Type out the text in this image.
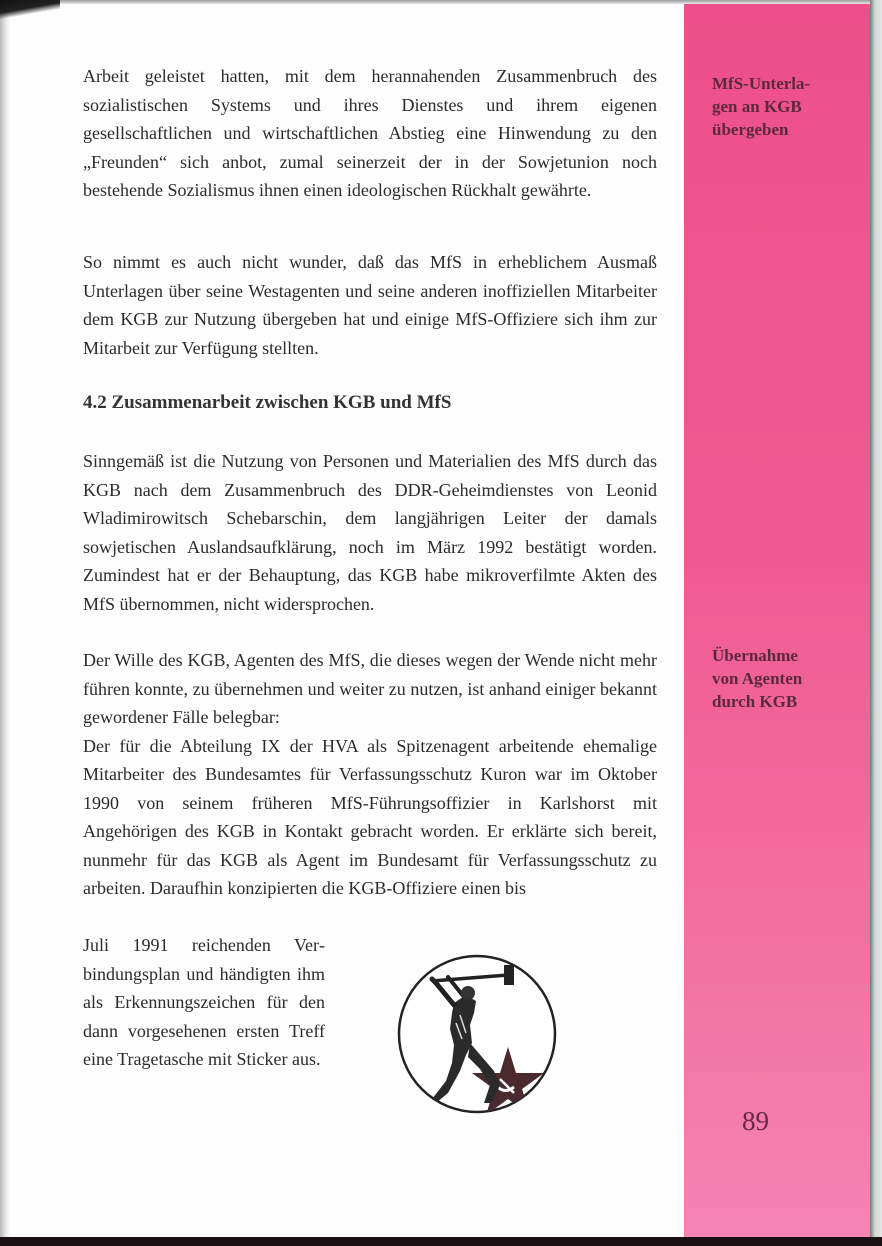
MfS-Unterla-
gen an KGB
übergeben
Übernahme
von Agenten
durch KGB
89

Arbeit geleistet hatten, mit dem herannahenden Zusammenbruch des sozialistischen Systems und ihres Dienstes und ihrem eigenen gesellschaftlichen und wirtschaftlichen Abstieg eine Hinwendung zu den „Freunden“ sich anbot, zumal seinerzeit der in der Sowjetunion noch bestehende Sozialismus ihnen einen ideologischen Rückhalt gewährte.

So nimmt es auch nicht wunder, daß das MfS in erheblichem Ausmaß Unterlagen über seine Westagenten und seine anderen inoffiziellen Mitarbeiter dem KGB zur Nutzung übergeben hat und einige MfS-Offiziere sich ihm zur Mitarbeit zur Verfügung stellten.

4.2 Zusammenarbeit zwischen KGB und MfS

Sinngemäß ist die Nutzung von Personen und Materialien des MfS durch das KGB nach dem Zusammenbruch des DDR-Geheimdienstes von Leonid Wladimirowitsch Schebarschin, dem langjährigen Leiter der damals sowjetischen Auslandsaufklärung, noch im März 1992 bestätigt worden. Zumindest hat er der Behauptung, das KGB habe mikroverfilmte Akten des MfS übernommen, nicht widersprochen.

Der Wille des KGB, Agenten des MfS, die dieses wegen der Wende nicht mehr führen konnte, zu übernehmen und weiter zu nutzen, ist anhand einiger bekannt gewordener Fälle belegbar:

Der für die Abteilung IX der HVA als Spitzenagent arbeitende ehemalige Mitarbeiter des Bundesamtes für Verfassungsschutz Kuron war im Oktober 1990 von seinem früheren MfS-Führungsoffizier in Karlshorst mit Angehörigen des KGB in Kontakt gebracht worden. Er erklärte sich bereit, nunmehr für das KGB als Agent im Bundesamt für Verfassungsschutz zu arbeiten. Daraufhin konzipierten die KGB-Offiziere einen bis

Juli 1991 reichenden Verbindungsplan und händigten ihm als Erkennungszeichen für den dann vorgesehenen ersten Treff eine Tragetasche mit Sticker aus.
